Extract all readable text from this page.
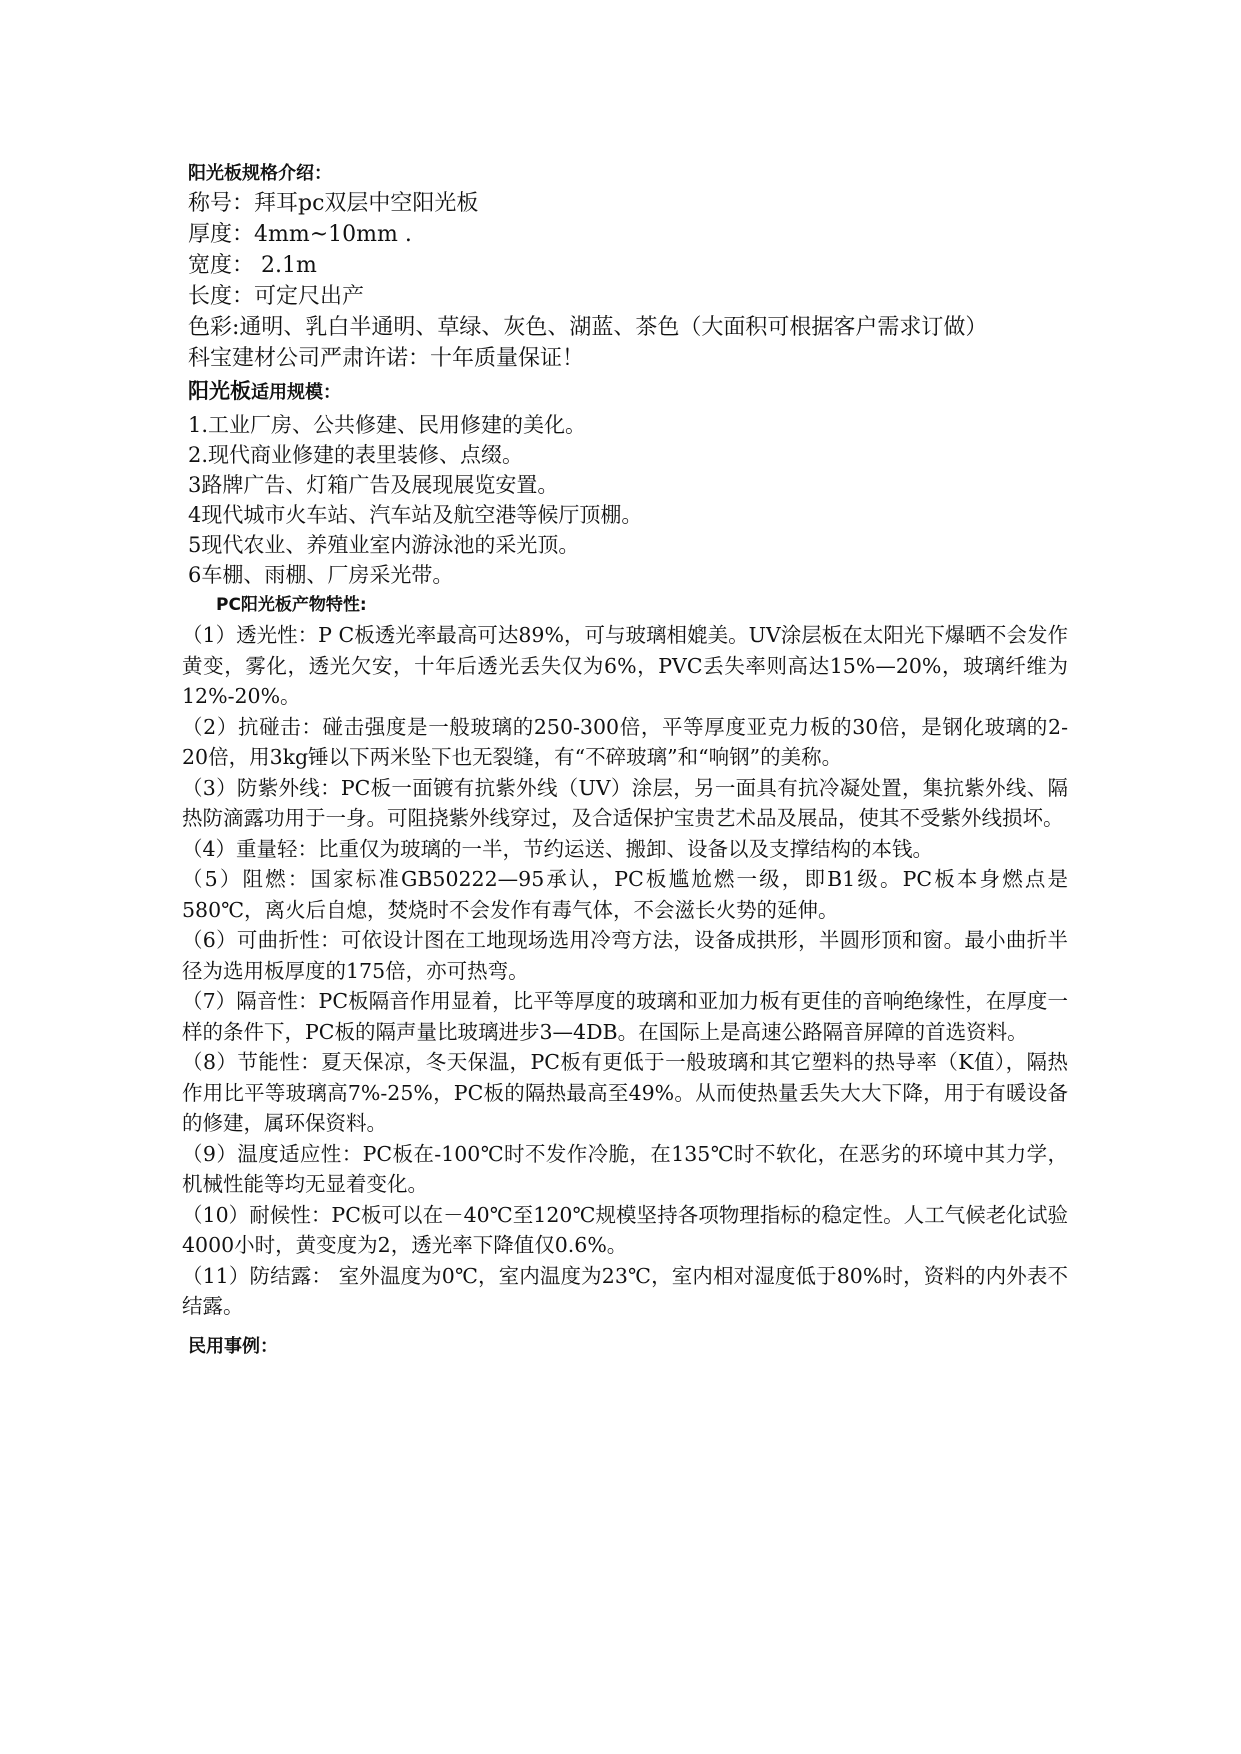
阳光板规格介绍：

称号：拜耳pc双层中空阳光板

厚度：4mm~10mm .

宽度： 2.1m

长度：可定尺出产

色彩:通明、乳白半通明、草绿、灰色、湖蓝、茶色（大面积可根据客户需求订做）

科宝建材公司严肃许诺：十年质量保证！

阳光板适用规模：

1.工业厂房、公共修建、民用修建的美化。

2.现代商业修建的表里装修、点缀。

3路牌广告、灯箱广告及展现展览安置。

4现代城市火车站、汽车站及航空港等候厅顶棚。

5现代农业、养殖业室内游泳池的采光顶。

6车棚、雨棚、厂房采光带。

PC阳光板产物特性:

（1）透光性：P C板透光率最高可达89%，可与玻璃相媲美。UV涂层板在太阳光下爆晒不会发作黄变，雾化，透光欠安，十年后透光丢失仅为6%，PVC丢失率则高达15%—20%，玻璃纤维为12%-20%。

（2）抗碰击：碰击强度是一般玻璃的250-300倍，平等厚度亚克力板的30倍，是钢化玻璃的2-20倍，用3kg锤以下两米坠下也无裂缝，有“不碎玻璃”和“响钢”的美称。

（3）防紫外线：PC板一面镀有抗紫外线（UV）涂层，另一面具有抗冷凝处置，集抗紫外线、隔热防滴露功用于一身。可阻挠紫外线穿过，及合适保护宝贵艺术品及展品，使其不受紫外线损坏。

（4）重量轻：比重仅为玻璃的一半，节约运送、搬卸、设备以及支撑结构的本钱。

（5）阻燃：国家标准GB50222—95承认，PC板尴尬燃一级，即B1级。PC板本身燃点是580℃，离火后自熄，焚烧时不会发作有毒气体，不会滋长火势的延伸。

（6）可曲折性：可依设计图在工地现场选用冷弯方法，设备成拱形，半圆形顶和窗。最小曲折半径为选用板厚度的175倍，亦可热弯。

（7）隔音性：PC板隔音作用显着，比平等厚度的玻璃和亚加力板有更佳的音响绝缘性，在厚度一样的条件下，PC板的隔声量比玻璃进步3—4DB。在国际上是高速公路隔音屏障的首选资料。

（8）节能性：夏天保凉，冬天保温，PC板有更低于一般玻璃和其它塑料的热导率（K值），隔热作用比平等玻璃高7%-25%，PC板的隔热最高至49%。从而使热量丢失大大下降，用于有暖设备的修建，属环保资料。

（9）温度适应性：PC板在-100℃时不发作冷脆，在135℃时不软化，在恶劣的环境中其力学，机械性能等均无显着变化。

（10）耐候性：PC板可以在－40℃至120℃规模坚持各项物理指标的稳定性。人工气候老化试验4000小时，黄变度为2，透光率下降值仅0.6%。

（11）防结露： 室外温度为0℃，室内温度为23℃，室内相对湿度低于80%时，资料的内外表不结露。

民用事例：
